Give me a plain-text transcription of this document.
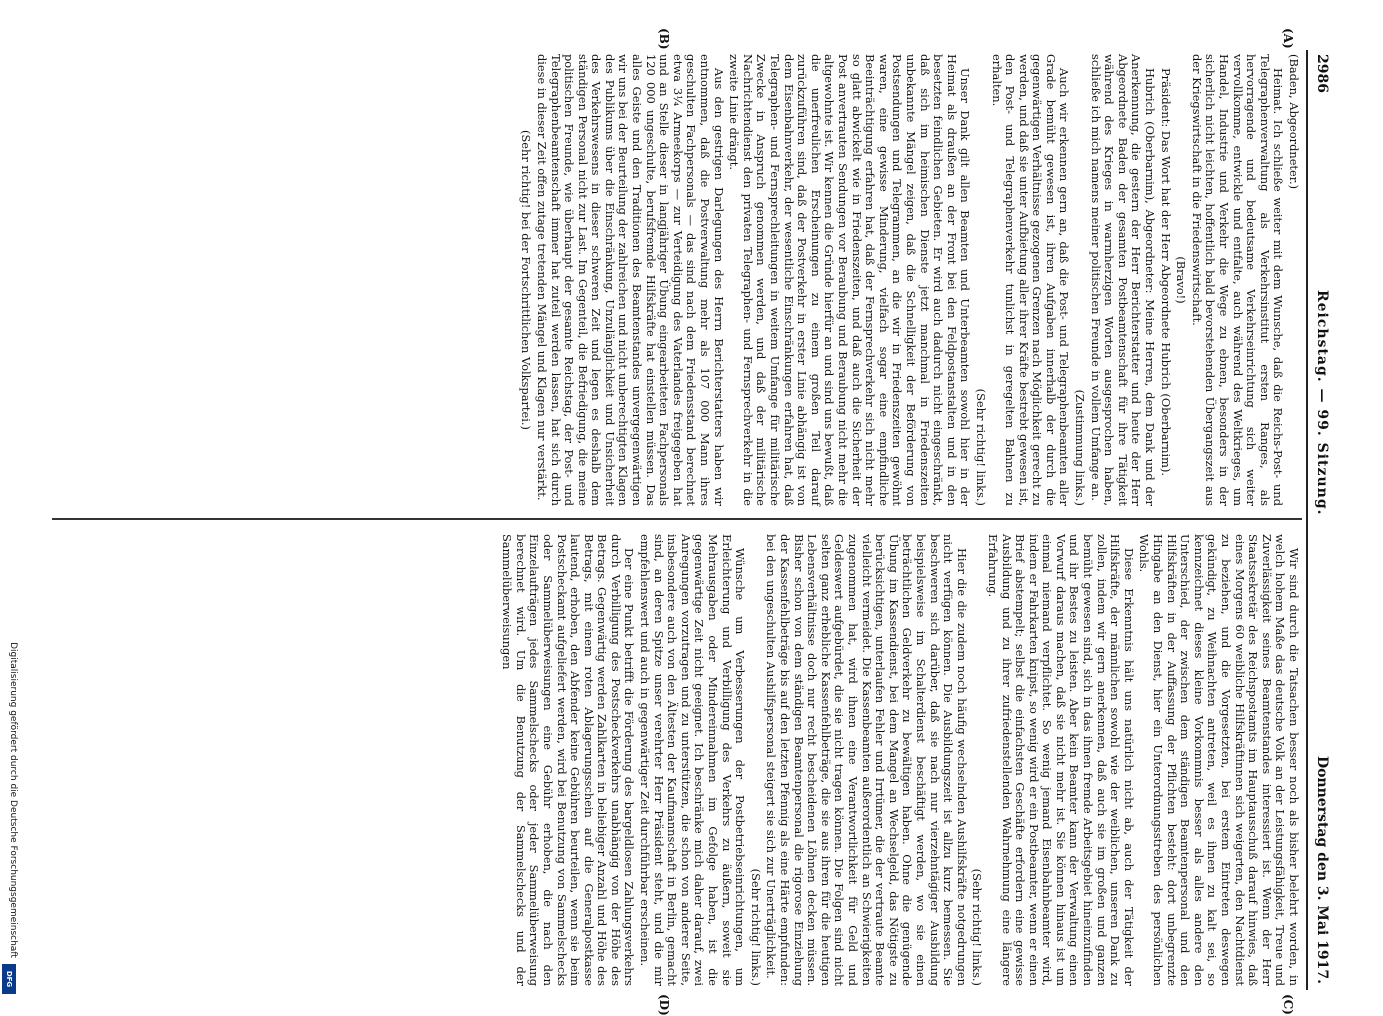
2986
Reichstag. — 99. Sitzung.
Donnerstag den 3. Mai 1917.
(A)
(B)
(C)
(D)

(Baden, Abgeordneter.)

Heimat. Ich schließe weiter mit dem Wunsche, daß die Reichs-Post- und Telegraphenverwaltung als Verkehrsinstitut ersten Ranges, als hervorragende und bedeutsame Verkehrseinrichtung sich weiter vervollkomme, entwickle und entfalte, auch während des Weltkrieges, um Handel, Industrie und Verkehr die Wege zu ebnen, besonders in der sicherlich nicht leichten, hoffentlich bald bevorstehenden Übergangszeit aus der Kriegswirtschaft in die Friedenswirtschaft.

(Bravo!)

Präsident: Das Wort hat der Herr Abgeordnete Hubrich (Oberbarnim).

Hubrich (Oberbarnim), Abgeordneter: Meine Herren, dem Dank und der Anerkennung, die gestern der Herr Berichterstatter und heute der Herr Abgeordnete Baden der gesamten Postbeamtenschaft für ihre Tätigkeit während des Krieges in warmherzigen Worten ausgesprochen haben, schließe ich mich namens meiner politischen Freunde in vollem Umfange an.

(Zustimmung links.)

Auch wir erkennen gern an, daß die Post- und Telegraphenbeamten aller Grade bemüht gewesen ist, ihren Aufgaben innerhalb der durch die gegenwärtigen Verhältnisse gezogenen Grenzen nach Möglichkeit gerecht zu werden, und daß sie unter Aufbietung aller ihrer Kräfte bestrebt gewesen ist, den Post- und Telegraphenverkehr tunlichst in geregelten Bahnen zu erhalten.

(Sehr richtig! links.)

Unser Dank gilt allen Beamten und Unterbeamten sowohl hier in der Heimat als draußen an der Front bei den Feldpostanstalten und in den besetzten feindlichen Gebieten. Er wird auch dadurch nicht eingeschränkt, daß sich im heimischen Dienste jetzt manchmal in Friedenszeiten unbekannte Mängel zeigen, daß die Schnelligkeit der Beförderung von Postsendungen und Telegrammen, an die wir in Friedenszeiten gewöhnt waren, eine gewisse Minderung, vielfach sogar eine empfindliche Beeinträchtigung erfahren hat, daß der Fernsprechverkehr sich nicht mehr so glatt abwickelt wie in Friedenszeiten, und daß auch die Sicherheit der Post anvertrauten Sendungen vor Beraubung und Beraubung nicht mehr die altgewohnte ist. Wir kennen die Gründe hierfür an und sind uns bewußt, daß die unerfreulichen Erscheinungen zu einem großen Teil darauf zurückzuführen sind, daß der Postverkehr in erster Linie abhängig ist von dem Eisenbahnverkehr, der wesentliche Einschränkungen erfahren hat, daß Telegraphen- und Fernsprechleitungen in weitem Umfange für militärische Zwecke in Anspruch genommen werden, und daß der militärische Nachrichtendienst den privaten Telegraphen- und Fernsprechverkehr in die zweite Linie drängt.

Aus den gestrigen Darlegungen des Herrn Berichterstatters haben wir entnommen, daß die Postverwaltung mehr als 107 000 Mann ihres geschulten Fachpersonals — das sind nach dem Friedensstand berechnet etwa 3¼ Armeekorps — zur Verteidigung des Vaterlandes freigegeben hat und an Stelle dieser in langjähriger Übung eingearbeiteten Fachpersonals 120 000 ungeschulte, berufsfremde Hilfskräfte hat einstellen müssen. Das alles Geiste und den Traditionen des Beamtenstandes unvergegenwärtigen wir uns bei der Beurteilung der zahlreichen und nicht unberechtigten Klagen des Publikums über die Einschränkung, Unzulänglichkeit und Unsicherheit des Verkehrswesens in dieser schweren Zeit und legen es deshalb dem ständigen Personal nicht zur Last. Im Gegenteil, die Befriedigung, die meine politischen Freunde, wie überhaupt der gesamte Reichstag, der Post- und Telegraphenbeamtenschaft immer hat zuteil werden lassen, hat sich durch diese in dieser Zeit offen zutage tretenden Mängel und Klagen nur verstärkt.

(Sehr richtig! bei der Fortschrittlichen Volkspartei.)

Wir sind durch die Tatsachen besser noch als bisher belehrt worden, in welch hohem Maße das deutsche Volk an der Leistungsfähigkeit, Treue und Zuverlässigkeit seines Beamtenstandes interessiert ist. Wenn der Herr Staatssekretär des Reichspostamts im Hauptausschuß darauf hinwies, daß eines Morgens 60 weibliche Hilfskräftinnen sich weigerten, den Nachtdienst zu beziehen, und die Vorgesetzten, bei erstem Eintreten deswegen gekündigt, zu Weihnachten antreten, weil es ihnen zu kalt sei, so kennzeichnet dieses kleine Vorkommnis besser als alles andere den Unterschied, der zwischen dem ständigen Beamtenpersonal und den Hilfskräften in der Auffassung der Pflichten besteht: dort unbegrenzte Hingabe an den Dienst, hier ein Unterordnungsstreben des persönlichen Wohls.

Diese Erkenntnis hält uns natürlich nicht ab, auch der Tätigkeit der Hilfskräfte, der männlichen sowohl wie der weiblichen, unseren Dank zu zollen, indem wir gern anerkennen, daß auch sie im großen und ganzen bemüht gewesen sind, sich in das ihnen fremde Arbeitsgebiet hineinzufinden und ihr Bestes zu leisten. Aber kein Beamter kann der Verwaltung einen Vorwurf daraus machen, daß sie nicht mehr ist. Sie können hinaus ist um einmal niemand verpflichtet. So wenig jemand Eisenbahnbeamter wird, indem er Fahrkarten knipst, so wenig wird er ein Postbeamter, wenn er einen Brief abstempelt; selbst die einfachsten Geschäfte erfordern eine gewisse Ausbildung und zu ihrer zufriedenstellenden Wahrnehmung eine längere Erfahrung.

(Sehr richtig! links.)

Hier die die zudem noch häufig wechselnden Aushilfskräfte notgedrungen nicht verfügen können. Die Ausbildungszeit ist allzu kurz bemessen. Sie beschweren sich darüber, daß sie nach nur vierzehntägiger Ausbildung beispielsweise im Schalterdienst beschäftigt werden, wo sie einen beträchtlichen Geldverkehr zu bewältigen haben. Ohne die genügende Übung im Kassendienst, bei dem Mangel an Wechselgeld, das Nötigste zu berücksichtigen, unterlaufen Fehler und Irrtümer, die der vertraute Beamte vielleicht vermeidet. Die Kassenbeamten außerordentlich an Schwierigkeiten zugenommen hat, wird ihnen eine Verantwortlichkeit für Geld und Geldeswert aufgebürdet, die sie nicht tragen können. Die Folgen sind nicht selten ganz erhebliche Kassenfehlbeträge, die sie aus ihren für die heutigen Lebensverhältnisse doch nur recht bescheidenen Löhnen decken müssen. Bisher schon von dem ständigen Beamtenpersonal die rigorose Einziehung der Kassenfehlbeträge bis auf den letzten Pfennig als eine Härte empfunden: bei den ungeschulten Aushilfspersonal steigert sie sich zur Unerträglichkeit.

(Sehr richtig! links.)

Wünsche um Verbesserungen der Postbetriebseinrichtungen, um Erleichterung und Verbilligung des Verkehrs zu äußern, soweit sie Mehrausgaben oder Mindereinnahmen im Gefolge haben, ist die gegenwärtige Zeit nicht geeignet. Ich beschränke mich daher darauf, zwei Anregungen vorzutragen und zu unterstützen, die schon von anderer Seite, insbesondere auch von den Ältesten der Kaufmannschaft in Berlin, gemacht sind, an deren Spitze unser verehrter Herr Präsident steht, und die mir empfehlenswert und auch in gegenwärtiger Zeit durchführbar erscheinen.

Der eine Punkt betrifft die Förderung des bargeldlosen Zahlungsverkehrs durch Verbilligung des Postscheckverkehrs unabhängig von der Höhe des Betrags. Gegenwärtig werden Zahlkarten in beliebiger Anzahl und Höhe des Betrags, mit einem roten Ablagerungsschein auf die Generalpostkasse lautend, erhoben, den Abfender keine Gebühren beurteilen, wenn sie beim Postscheckamt aufgeliefert werden, wird bei Benutzung von Sammelschecks oder Sammelüberweisungen eine Gebühr erhoben, die nach den Einzelaufträgen jedes Sammelschecks oder jeder Sammelüberweisung berechnet wird. Um die Benutzung der Sammelschecks und der Sammelüberweisungen

Digitalisierung gefördert durch die Deutsche Forschungsgemeinschaft
DFG
